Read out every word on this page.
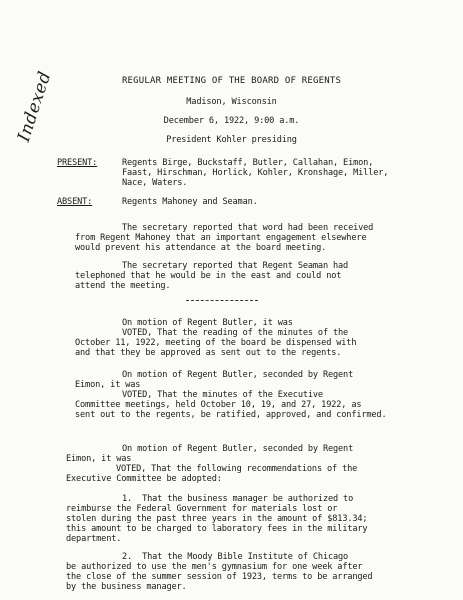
Indexed	REGULAR MEETING OF THE BOARD OF REGENTS
Madison, Wisconsin
December 6, 1922, 9:00 a.m.
President Kohler presiding
PRESENT:	Regents Birge, Buckstaff, Butler, Callahan, Eimon,
Faast, Hirschman, Horlick, Kohler, Kronshage, Miller,
Nace, Waters.
ABSENT:	Regents Mahoney and Seaman.
The secretary reported that word had been received
from Regent Mahoney that an important engagement elsewhere
would prevent his attendance at the board meeting.
The secretary reported that Regent Seaman had
telephoned that he would be in the east and could not
attend the meeting.
On motion of Regent Butler, it was
VOTED, That the reading of the minutes of the
October 11, 1922, meeting of the board be dispensed with
and that they be approved as sent out to the regents.
On motion of Regent Butler, seconded by Regent
Eimon, it was
VOTED, That the minutes of the Executive
Committee meetings, held October 10, 19, and 27, 1922, as
sent out to the regents, be ratified, approved, and confirmed.
On motion of Regent Butler, seconded by Regent
Eimon, it was
VOTED, That the following recommendations of the
Executive Committee be adopted:
1.  That the business manager be authorized to
reimburse the Federal Government for materials lost or
stolen during the past three years in the amount of $813.34;
this amount to be charged to laboratory fees in the military
department.
2.  That the Moody Bible Institute of Chicago
be authorized to use the men's gymnasium for one week after
the close of the summer session of 1923, terms to be arranged
by the business manager.
